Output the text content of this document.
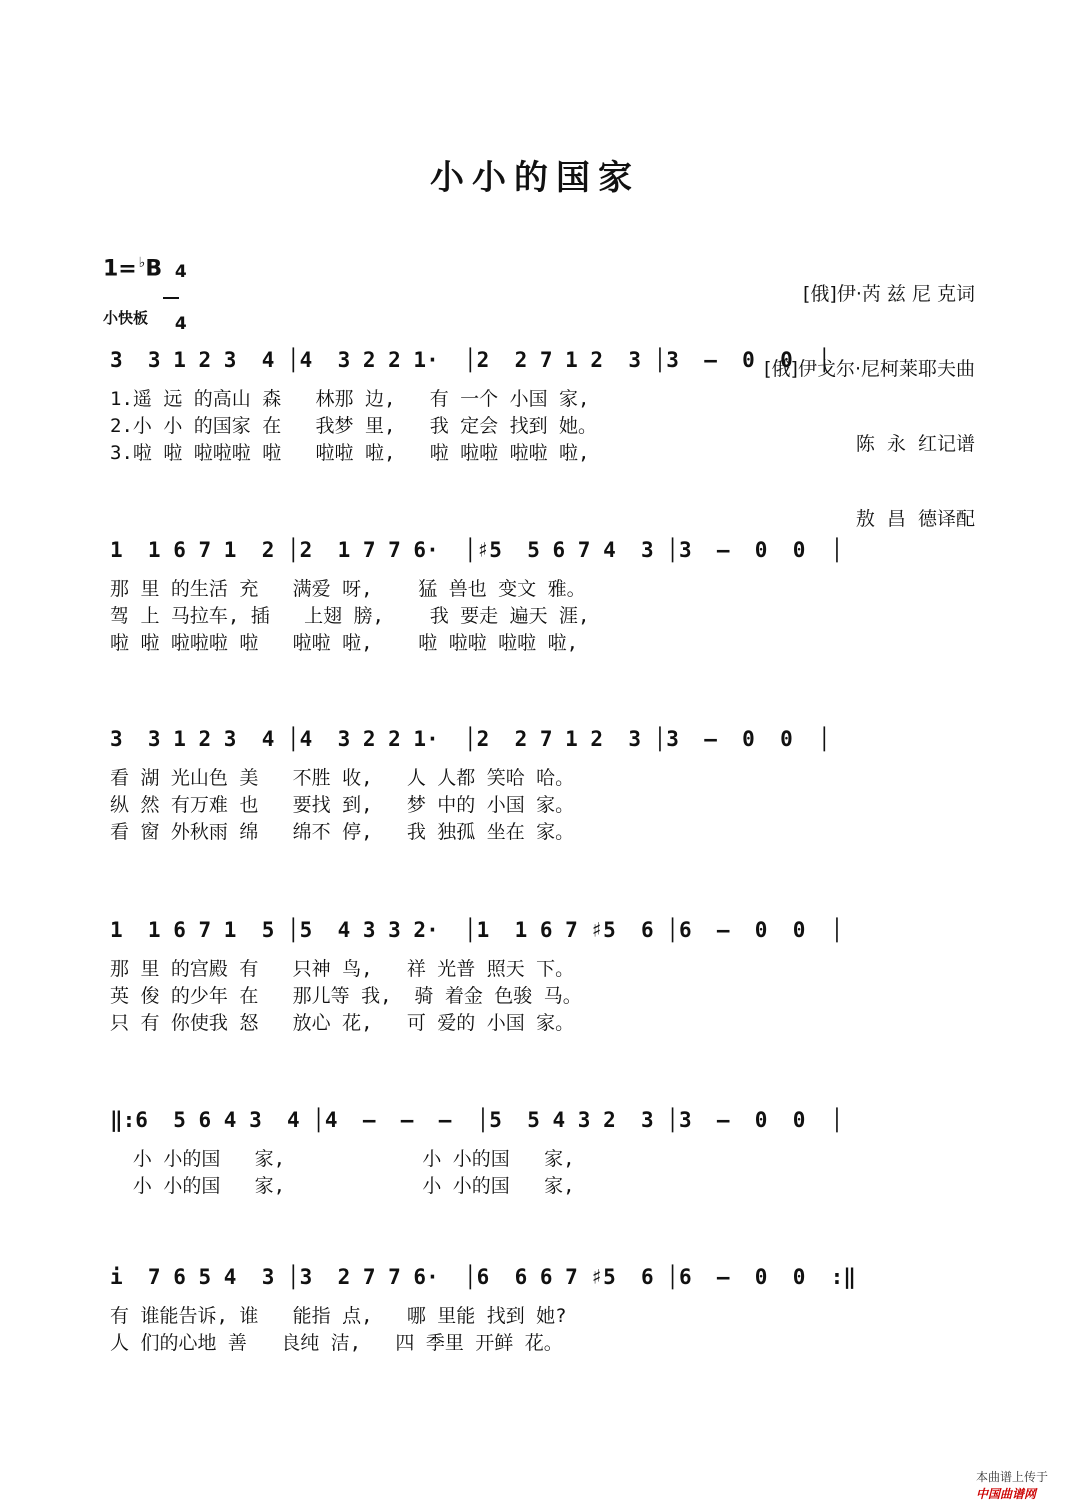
小小的国家

[俄]伊·芮 兹 尼 克词

[俄]伊戈尔·尼柯莱耶夫曲

陈  永  红记谱

敖  昌  德译配

1= ♭B 4

4

小快板
3  3 1 2 3  4 │4  3 2 2 1·  │2  2 7 1 2  3 │3  –  0  0  │
1.遥 远 的高山 森   林那 边,   有 一个 小国 家,
2.小 小 的国家 在   我梦 里,   我 定会 找到 她。
3.啦 啦 啦啦啦 啦   啦啦 啦,   啦 啦啦 啦啦 啦,
1  1 6 7 1  2 │2  1 7 7 6·  │♯5  5 6 7 4  3 │3  –  0  0  │
那 里 的生活 充   满爱 呀,    猛 兽也 变文 雅。
驾 上 马拉车, 插   上翅 膀,    我 要走 遍天 涯,
啦 啦 啦啦啦 啦   啦啦 啦,    啦 啦啦 啦啦 啦,
3  3 1 2 3  4 │4  3 2 2 1·  │2  2 7 1 2  3 │3  –  0  0  │
看 湖 光山色 美   不胜 收,   人 人都 笑哈 哈。
纵 然 有万难 也   要找 到,   梦 中的 小国 家。
看 窗 外秋雨 绵   绵不 停,   我 独孤 坐在 家。
1  1 6 7 1  5 │5  4 3 3 2·  │1  1 6 7 ♯5  6 │6  –  0  0  │
那 里 的宫殿 有   只神 鸟,   祥 光普 照天 下。
英 俊 的少年 在   那儿等 我,  骑 着金 色骏 马。
只 有 你使我 怒   放心 花,   可 爱的 小国 家。
‖:6  5 6 4 3  4 │4  –  –  –  │5  5 4 3 2  3 │3  –  0  0  │
小 小的国   家,            小 小的国   家,
小 小的国   家,            小 小的国   家,
i  7 6 5 4  3 │3  2 7 7 6·  │6  6 6 7 ♯5  6 │6  –  0  0  :‖
有 谁能告诉, 谁   能指 点,   哪 里能 找到 她?
人 们的心地 善   良纯 洁,   四 季里 开鲜 花。

本曲谱上传于
中国曲谱网
